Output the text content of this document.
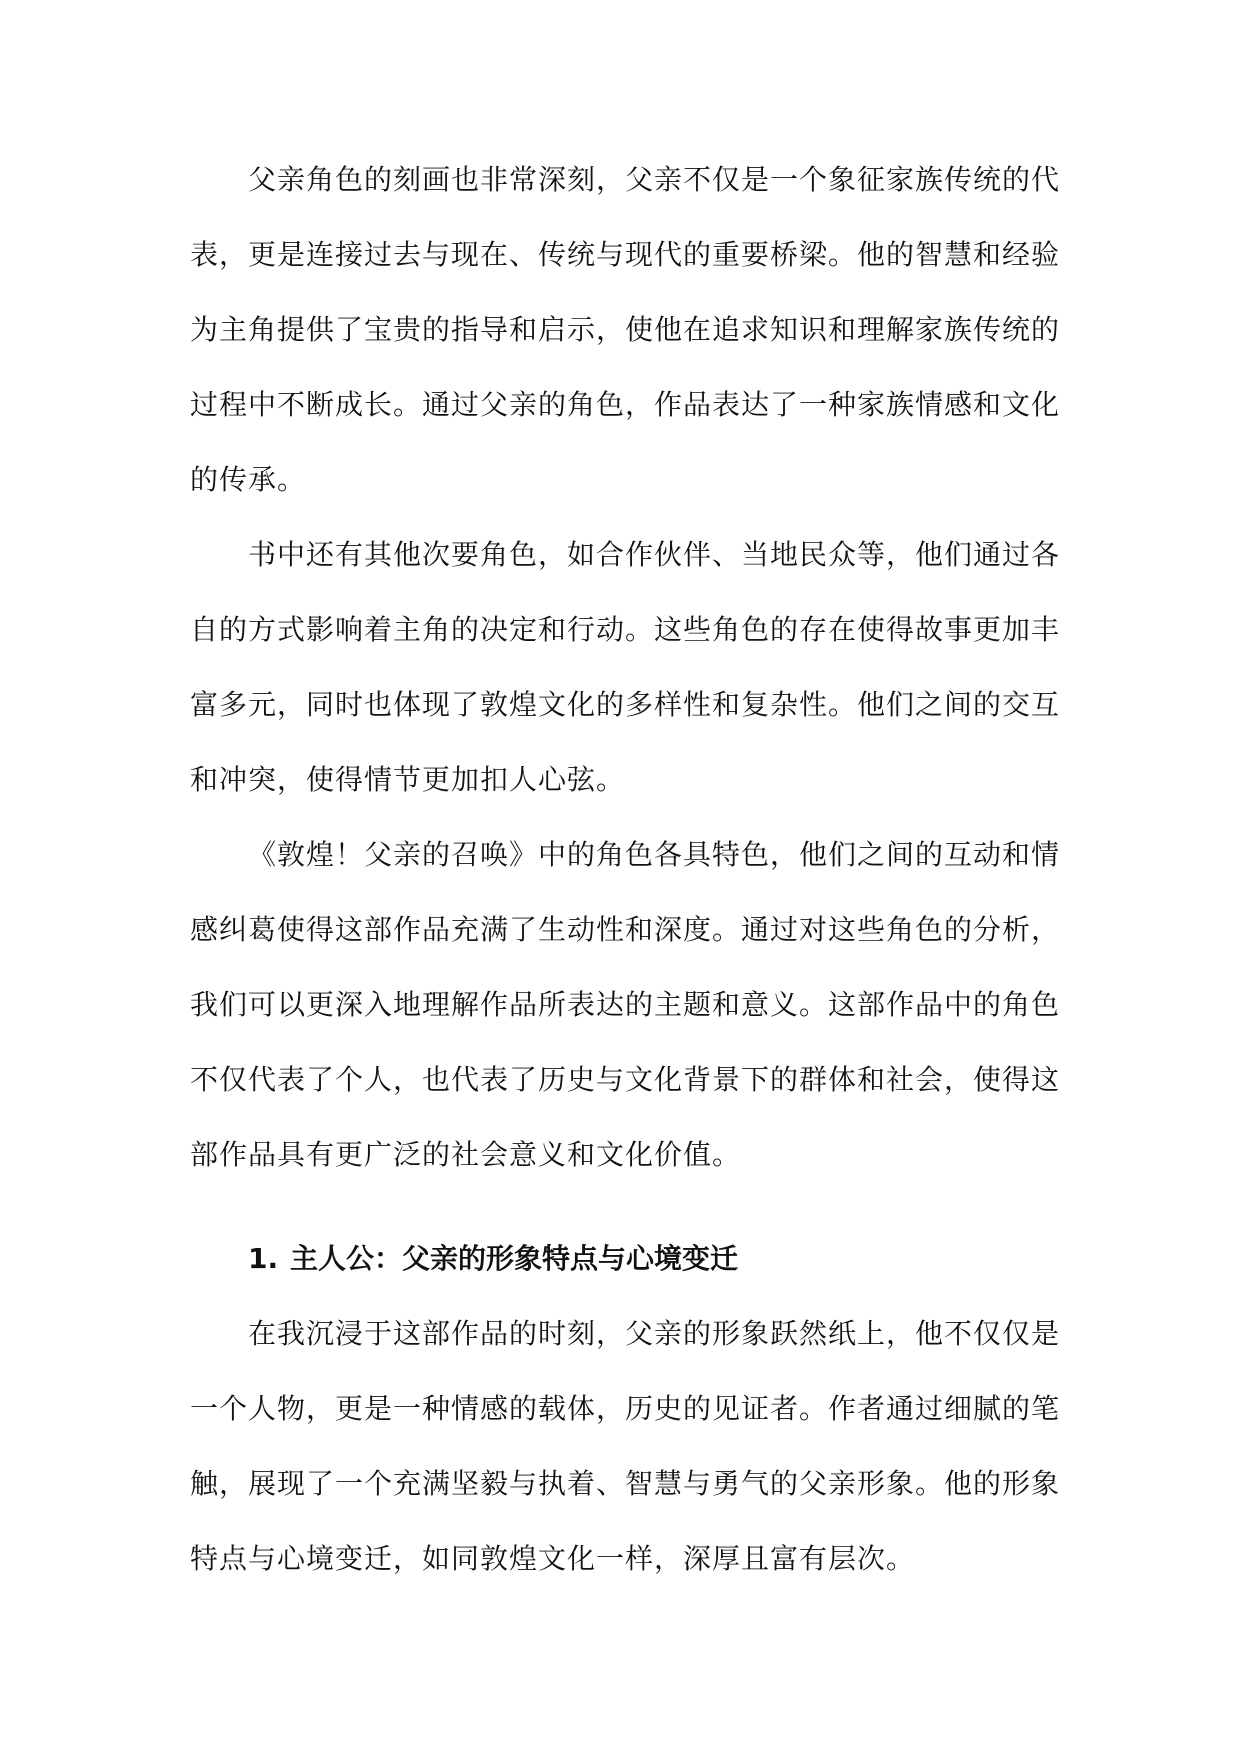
父亲角色的刻画也非常深刻，父亲不仅是一个象征家族传统的代表，更是连接过去与现在、传统与现代的重要桥梁。他的智慧和经验为主角提供了宝贵的指导和启示，使他在追求知识和理解家族传统的过程中不断成长。通过父亲的角色，作品表达了一种家族情感和文化的传承。

书中还有其他次要角色，如合作伙伴、当地民众等，他们通过各自的方式影响着主角的决定和行动。这些角色的存在使得故事更加丰富多元，同时也体现了敦煌文化的多样性和复杂性。他们之间的交互和冲突，使得情节更加扣人心弦。

《敦煌！父亲的召唤》中的角色各具特色，他们之间的互动和情感纠葛使得这部作品充满了生动性和深度。通过对这些角色的分析，我们可以更深入地理解作品所表达的主题和意义。这部作品中的角色不仅代表了个人，也代表了历史与文化背景下的群体和社会，使得这部作品具有更广泛的社会意义和文化价值。

1. 主人公：父亲的形象特点与心境变迁

在我沉浸于这部作品的时刻，父亲的形象跃然纸上，他不仅仅是一个人物，更是一种情感的载体，历史的见证者。作者通过细腻的笔触，展现了一个充满坚毅与执着、智慧与勇气的父亲形象。他的形象特点与心境变迁，如同敦煌文化一样，深厚且富有层次。
